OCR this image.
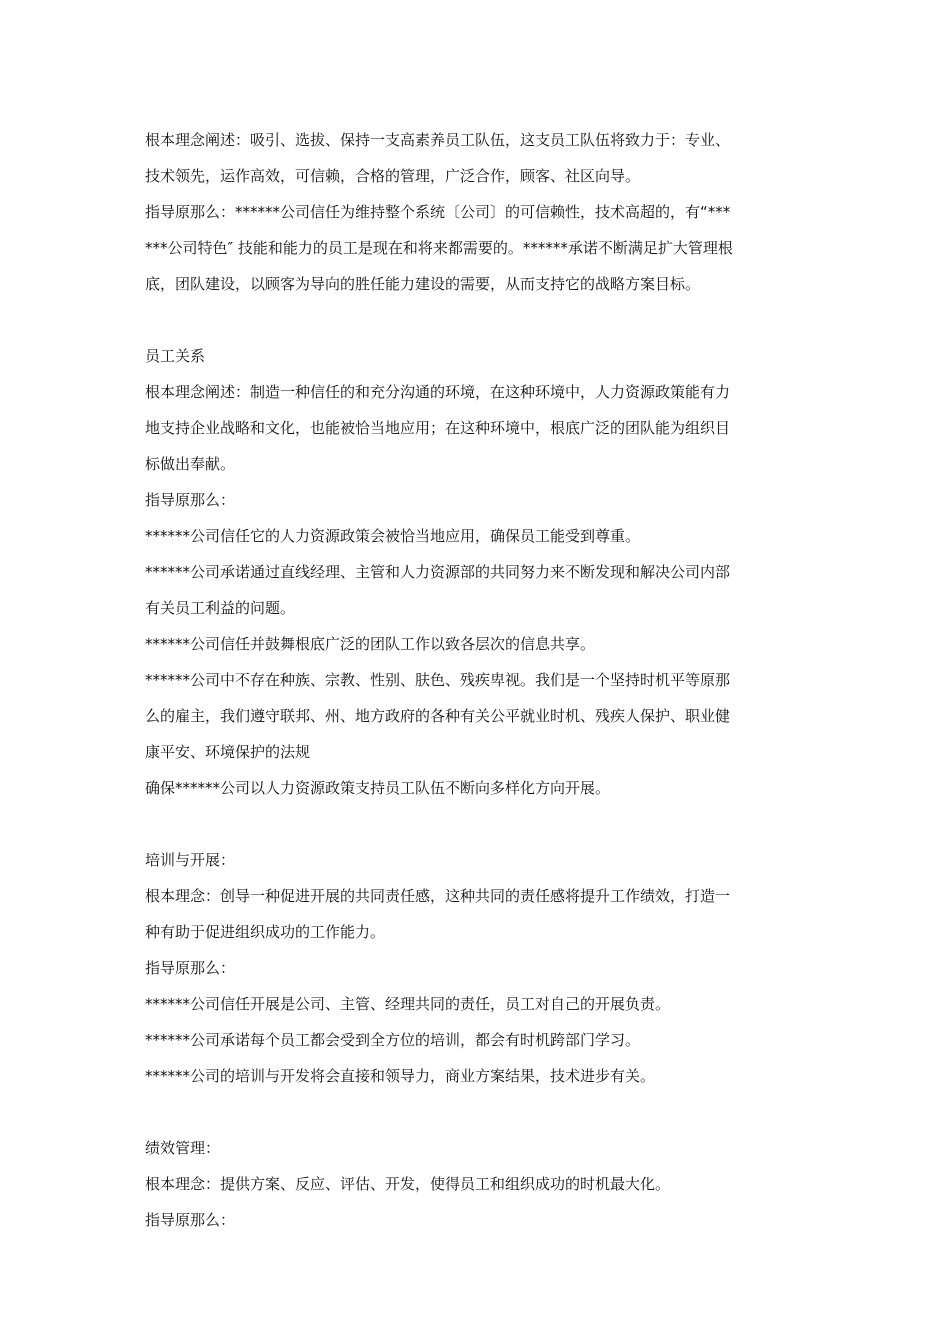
根本理念阐述：吸引、选拔、保持一支高素养员工队伍，这支员工队伍将致力于：专业、

技术领先，运作高效，可信赖，合格的管理，广泛合作，顾客、社区向导。

指导原那么：******公司信任为维持整个系统〔公司〕的可信赖性，技术高超的，有“***

***公司特色″ 技能和能力的员工是现在和将来都需要的。******承诺不断满足扩大管理根

底，团队建设，以顾客为导向的胜任能力建设的需要，从而支持它的战略方案目标。

员工关系

根本理念阐述：制造一种信任的和充分沟通的环境，在这种环境中，人力资源政策能有力

地支持企业战略和文化，也能被恰当地应用；在这种环境中，根底广泛的团队能为组织目

标做出奉献。

指导原那么：

******公司信任它的人力资源政策会被恰当地应用，确保员工能受到尊重。

******公司承诺通过直线经理、主管和人力资源部的共同努力来不断发现和解决公司内部

有关员工利益的问题。

******公司信任并鼓舞根底广泛的团队工作以致各层次的信息共享。

******公司中不存在种族、宗教、性别、肤色、残疾卑视。我们是一个坚持时机平等原那

么的雇主，我们遵守联邦、州、地方政府的各种有关公平就业时机、残疾人保护、职业健

康平安、环境保护的法规

确保******公司以人力资源政策支持员工队伍不断向多样化方向开展。

培训与开展：

根本理念：创导一种促进开展的共同责任感，这种共同的责任感将提升工作绩效，打造一

种有助于促进组织成功的工作能力。

指导原那么：

******公司信任开展是公司、主管、经理共同的责任，员工对自己的开展负责。

******公司承诺每个员工都会受到全方位的培训，都会有时机跨部门学习。

******公司的培训与开发将会直接和领导力，商业方案结果，技术进步有关。

绩效管理：

根本理念：提供方案、反应、评估、开发，使得员工和组织成功的时机最大化。

指导原那么：
